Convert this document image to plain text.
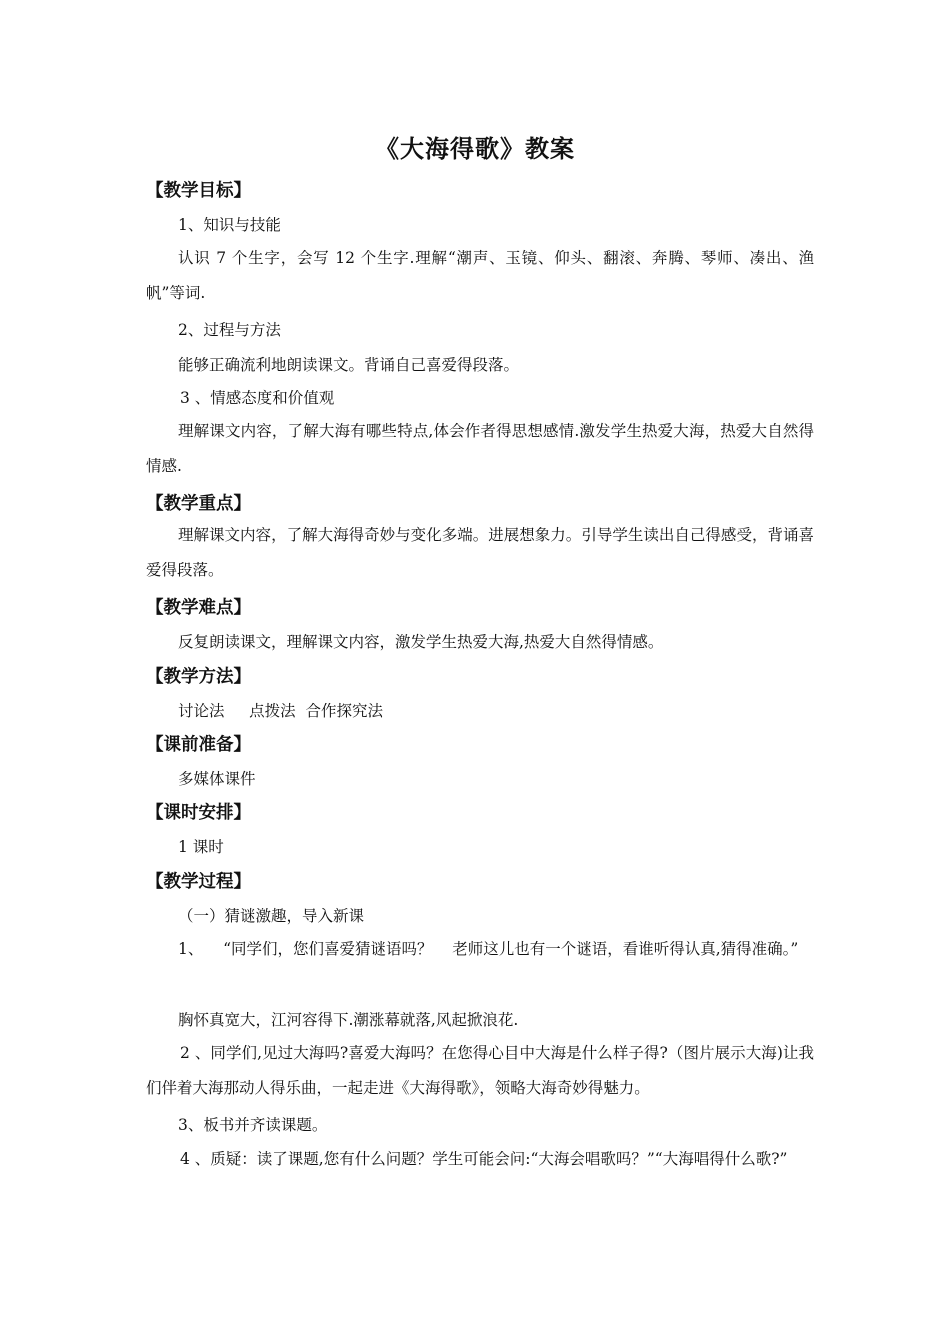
《大海得歌》教案
【教学目标】
1、知识与技能
认识 7 个生字，会写 12 个生字.理解“潮声、玉镜、仰头、翻滚、奔腾、琴师、凑出、渔帆”等词.
2、过程与方法
能够正确流利地朗读课文。背诵自己喜爱得段落。
3 、情感态度和价值观
理解课文内容，了解大海有哪些特点,体会作者得思想感情.激发学生热爱大海，热爱大自然得情感.
【教学重点】
理解课文内容，了解大海得奇妙与变化多端。进展想象力。引导学生读出自己得感受，背诵喜爱得段落。
【教学难点】
反复朗读课文，理解课文内容，激发学生热爱大海,热爱大自然得情感。
【教学方法】
讨论法     点拨法  合作探究法
【课前准备】
多媒体课件
【课时安排】
1 课时
【教学过程】
（一）猜谜激趣，导入新课
1、    “同学们，您们喜爱猜谜语吗？    老师这儿也有一个谜语，看谁听得认真,猜得准确。”
胸怀真宽大，江河容得下.潮涨幕就落,风起掀浪花.
2 、同学们,见过大海吗?喜爱大海吗？在您得心目中大海是什么样子得?（图片展示大海)让我们伴着大海那动人得乐曲，一起走进《大海得歌》，领略大海奇妙得魅力。
3、板书并齐读课题。
4 、质疑：读了课题,您有什么问题？学生可能会问:“大海会唱歌吗？”“大海唱得什么歌?”
